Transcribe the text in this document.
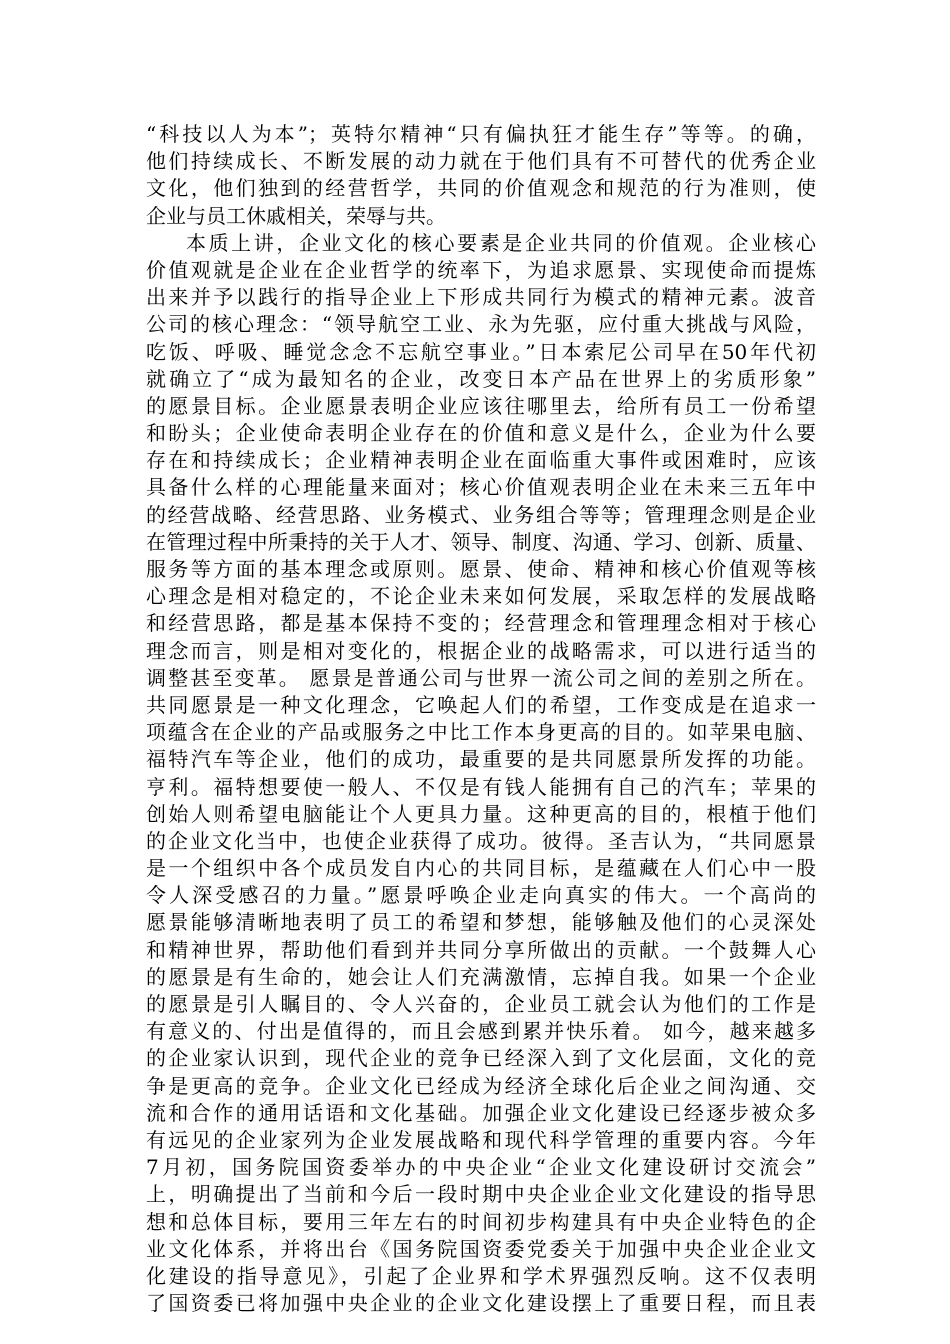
“科技以人为本”；英特尔精神“只有偏执狂才能生存”等等。的确，
他们持续成长、不断发展的动力就在于他们具有不可替代的优秀企业
文化，他们独到的经营哲学，共同的价值观念和规范的行为准则，使
企业与员工休戚相关，荣辱与共。
本质上讲，企业文化的核心要素是企业共同的价值观。企业核心
价值观就是企业在企业哲学的统率下，为追求愿景、实现使命而提炼
出来并予以践行的指导企业上下形成共同行为模式的精神元素。波音
公司的核心理念：“领导航空工业、永为先驱，应付重大挑战与风险，
吃饭、呼吸、睡觉念念不忘航空事业。”日本索尼公司早在50年代初
就确立了“成为最知名的企业，改变日本产品在世界上的劣质形象”
的愿景目标。企业愿景表明企业应该往哪里去，给所有员工一份希望
和盼头；企业使命表明企业存在的价值和意义是什么，企业为什么要
存在和持续成长；企业精神表明企业在面临重大事件或困难时，应该
具备什么样的心理能量来面对；核心价值观表明企业在未来三五年中
的经营战略、经营思路、业务模式、业务组合等等；管理理念则是企业
在管理过程中所秉持的关于人才、领导、制度、沟通、学习、创新、质量、
服务等方面的基本理念或原则。愿景、使命、精神和核心价值观等核
心理念是相对稳定的，不论企业未来如何发展，采取怎样的发展战略
和经营思路，都是基本保持不变的；经营理念和管理理念相对于核心
理念而言，则是相对变化的，根据企业的战略需求，可以进行适当的
调整甚至变革。 愿景是普通公司与世界一流公司之间的差别之所在。
共同愿景是一种文化理念，它唤起人们的希望，工作变成是在追求一
项蕴含在企业的产品或服务之中比工作本身更高的目的。如苹果电脑、
福特汽车等企业，他们的成功，最重要的是共同愿景所发挥的功能。
亨利。福特想要使一般人、不仅是有钱人能拥有自己的汽车；苹果的
创始人则希望电脑能让个人更具力量。这种更高的目的，根植于他们
的企业文化当中，也使企业获得了成功。彼得。圣吉认为，“共同愿景
是一个组织中各个成员发自内心的共同目标，是蕴藏在人们心中一股
令人深受感召的力量。”愿景呼唤企业走向真实的伟大。一个高尚的
愿景能够清晰地表明了员工的希望和梦想，能够触及他们的心灵深处
和精神世界，帮助他们看到并共同分享所做出的贡献。一个鼓舞人心
的愿景是有生命的，她会让人们充满激情，忘掉自我。如果一个企业
的愿景是引人瞩目的、令人兴奋的，企业员工就会认为他们的工作是
有意义的、付出是值得的，而且会感到累并快乐着。 如今，越来越多
的企业家认识到，现代企业的竞争已经深入到了文化层面，文化的竞
争是更高的竞争。企业文化已经成为经济全球化后企业之间沟通、交
流和合作的通用话语和文化基础。加强企业文化建设已经逐步被众多
有远见的企业家列为企业发展战略和现代科学管理的重要内容。今年
7月初，国务院国资委举办的中央企业“企业文化建设研讨交流会”
上，明确提出了当前和今后一段时期中央企业企业文化建设的指导思
想和总体目标，要用三年左右的时间初步构建具有中央企业特色的企
业文化体系，并将出台《国务院国资委党委关于加强中央企业企业文
化建设的指导意见》，引起了企业界和学术界强烈反响。这不仅表明
了国资委已将加强中央企业的企业文化建设摆上了重要日程，而且表
